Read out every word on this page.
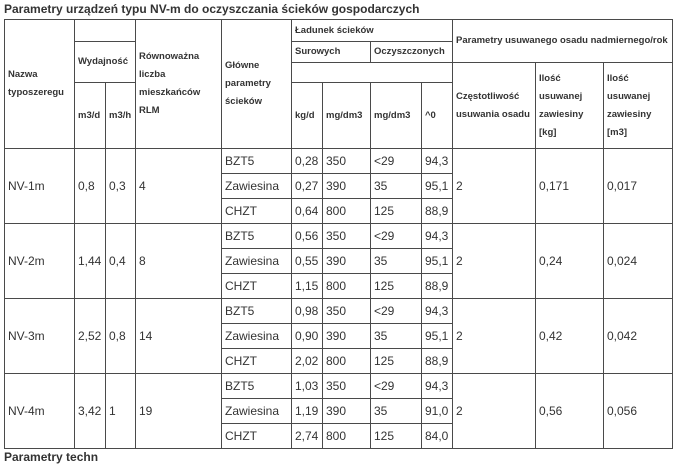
Parametry urządzeń typu NV-m do oczyszczania ścieków gospodarczych
Nazwa typoszeregu			Równoważna liczba mieszkańców RLM	Główne parametry ścieków	Ładunek ścieków				Parametry usuwanego osadu nadmiernego/rok		
	Wydajność				Surowych		Oczyszczonych				
									Częstotliwość usuwania osadu	Ilość usuwanej zawiesiny [kg]	Ilość usuwanej zawiesiny [m3]
	m3/d	m3/h			kg/d	mg/dm3	mg/dm3	^0			
NV-1m	0,8	0,3	4	BZT5	0,28	350	<29	94,3	2	0,171	0,017
				Zawiesina	0,27	390	35	95,1			
				CHZT	0,64	800	125	88,9			
NV-2m	1,44	0,4	8	BZT5	0,56	350	<29	94,3	2	0,24	0,024
				Zawiesina	0,55	390	35	95,1			
				CHZT	1,15	800	125	88,9			
NV-3m	2,52	0,8	14	BZT5	0,98	350	<29	94,3	2	0,42	0,042
				Zawiesina	0,90	390	35	95,1			
				CHZT	2,02	800	125	88,9			
NV-4m	3,42	1	19	BZT5	1,03	350	<29	94,3	2	0,56	0,056
				Zawiesina	1,19	390	35	91,0			
				CHZT	2,74	800	125	84,0			
Parametry techn
